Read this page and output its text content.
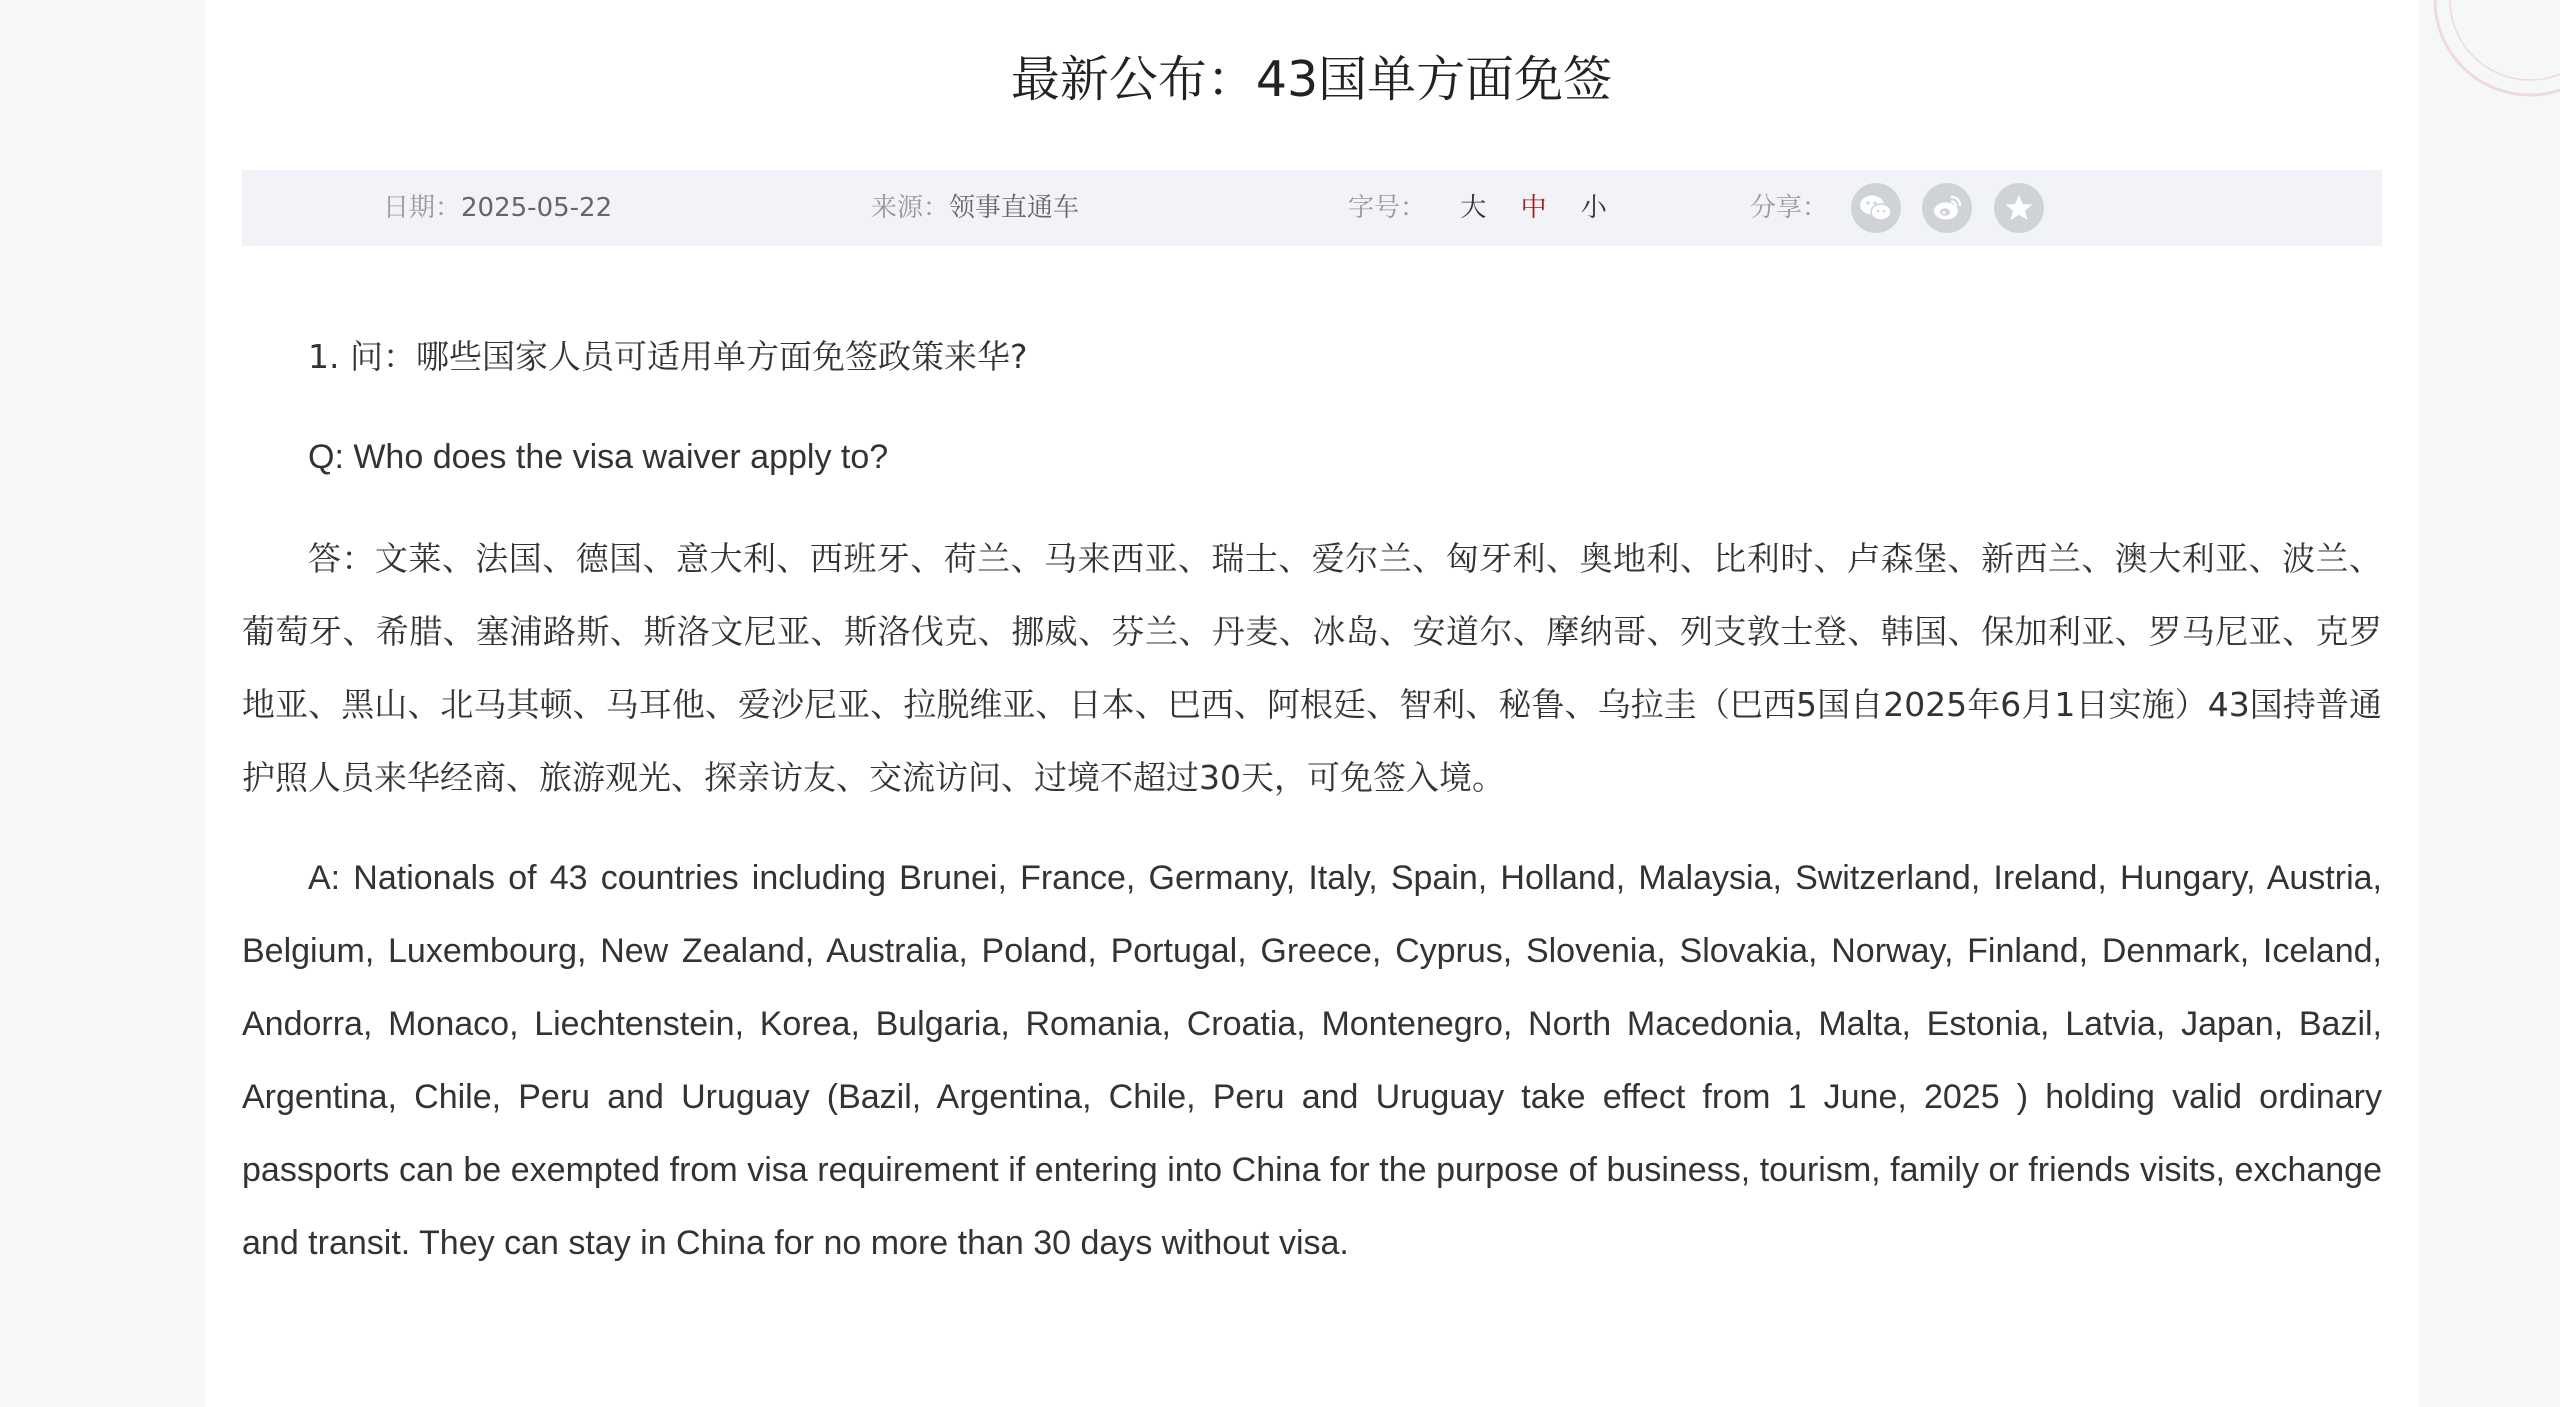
最新公布：43国单方面免签
日期：2025-05-22	来源：领事直通车	字号： 大 中 小	分享：

1. 问：哪些国家人员可适用单方面免签政策来华?

Q: Who does the visa waiver apply to?

答：文莱、法国、德国、意大利、西班牙、荷兰、马来西亚、瑞士、爱尔兰、匈牙利、奥地利、比利时、卢森堡、新西兰、澳大利亚、波兰、葡萄牙、希腊、塞浦路斯、斯洛文尼亚、斯洛伐克、挪威、芬兰、丹麦、冰岛、安道尔、摩纳哥、列支敦士登、韩国、保加利亚、罗马尼亚、克罗地亚、黑山、北马其顿、马耳他、爱沙尼亚、拉脱维亚、日本、巴西、阿根廷、智利、秘鲁、乌拉圭（巴西5国自2025年6月1日实施）43国持普通护照人员来华经商、旅游观光、探亲访友、交流访问、过境不超过30天，可免签入境。

A: Nationals of 43 countries including Brunei, France, Germany, Italy, Spain, Holland, Malaysia, Switzerland, Ireland, Hungary, Austria, Belgium, Luxembourg, New Zealand, Australia, Poland, Portugal, Greece, Cyprus, Slovenia, Slovakia, Norway, Finland, Denmark, Iceland, Andorra, Monaco, Liechtenstein, Korea, Bulgaria, Romania, Croatia, Montenegro, North Macedonia, Malta, Estonia, Latvia, Japan, Bazil, Argentina, Chile, Peru and Uruguay (Bazil, Argentina, Chile, Peru and Uruguay take effect from 1 June, 2025 ) holding valid ordinary passports can be exempted from visa requirement if entering into China for the purpose of business, tourism, family or friends visits, exchange and transit. They can stay in China for no more than 30 days without visa.
